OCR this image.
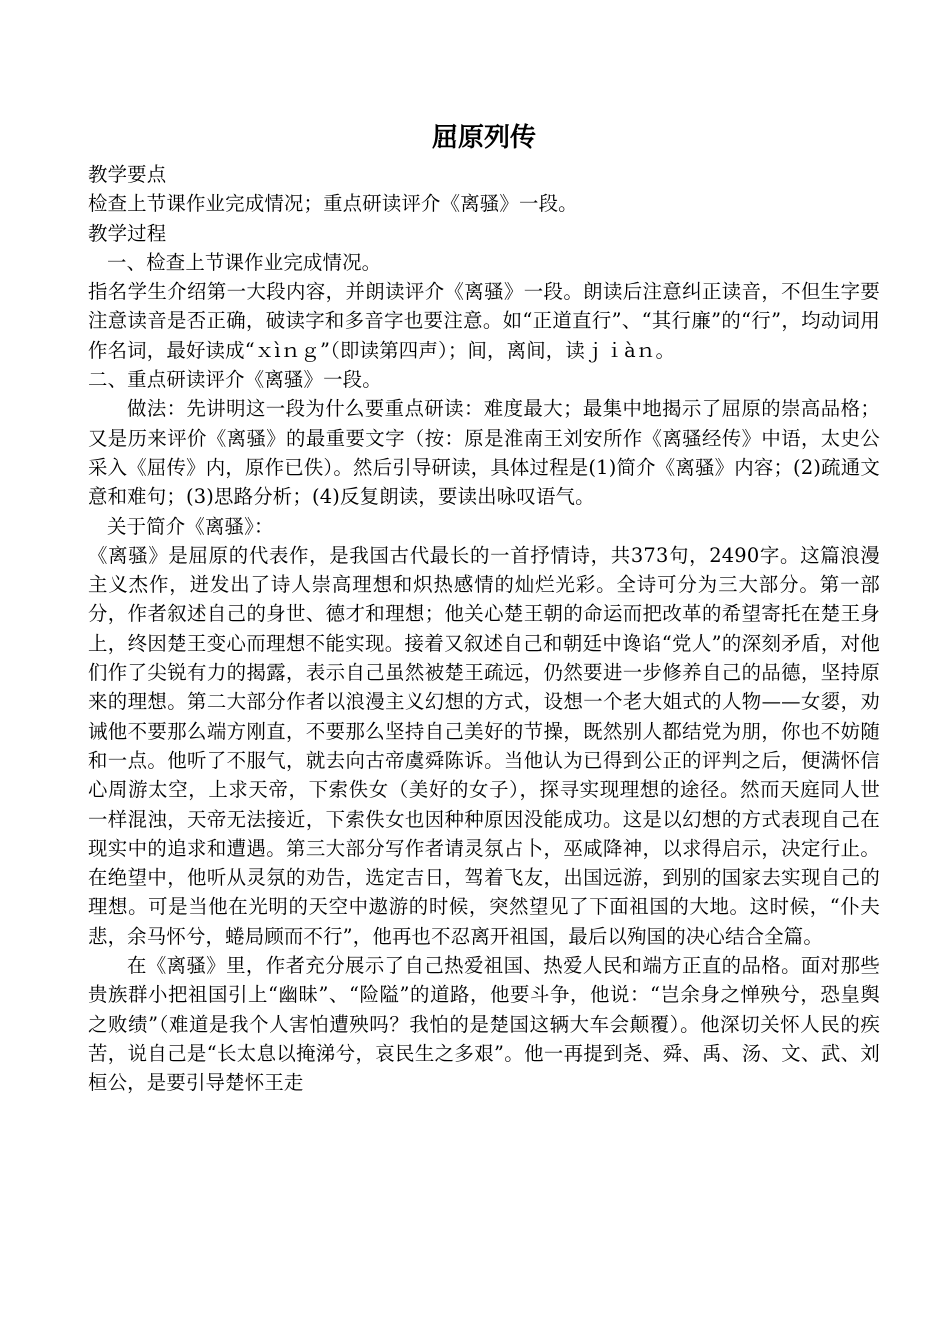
屈原列传

教学要点

检查上节课作业完成情况；重点研读评介《离骚》一段。

教学过程

一、检查上节课作业完成情况。

指名学生介绍第一大段内容，并朗读评介《离骚》一段。朗读后注意纠正读音，不但生字要注意读音是否正确，破读字和多音字也要注意。如“正道直行”、“其行廉”的“行”，均动词用作名词，最好读成“ｘìｎｇ”（即读第四声）；间，离间，读ｊｉàｎ。

二、重点研读评介《离骚》一段。

做法：先讲明这一段为什么要重点研读：难度最大；最集中地揭示了屈原的崇高品格；又是历来评价《离骚》的最重要文字（按：原是淮南王刘安所作《离骚经传》中语，太史公采入《屈传》内，原作已佚）。然后引导研读，具体过程是(1)简介《离骚》内容；(2)疏通文意和难句；(3)思路分析；(4)反复朗读，要读出咏叹语气。

关于简介《离骚》：

《离骚》是屈原的代表作，是我国古代最长的一首抒情诗，共373句，2490字。这篇浪漫主义杰作，迸发出了诗人崇高理想和炽热感情的灿烂光彩。全诗可分为三大部分。第一部分，作者叙述自己的身世、德才和理想；他关心楚王朝的命运而把改革的希望寄托在楚王身上，终因楚王变心而理想不能实现。接着又叙述自己和朝廷中谗谄“党人”的深刻矛盾，对他们作了尖锐有力的揭露，表示自己虽然被楚王疏远，仍然要进一步修养自己的品德，坚持原来的理想。第二大部分作者以浪漫主义幻想的方式，设想一个老大姐式的人物——女媭，劝诫他不要那么端方刚直，不要那么坚持自己美好的节操，既然别人都结党为朋，你也不妨随和一点。他听了不服气，就去向古帝虞舜陈诉。当他认为已得到公正的评判之后，便满怀信心周游太空，上求天帝，下索佚女（美好的女子），探寻实现理想的途径。然而天庭同人世一样混浊，天帝无法接近，下索佚女也因种种原因没能成功。这是以幻想的方式表现自己在现实中的追求和遭遇。第三大部分写作者请灵氛占卜，巫咸降神，以求得启示，决定行止。在绝望中，他听从灵氛的劝告，选定吉日，驾着飞友，出国远游，到别的国家去实现自己的理想。可是当他在光明的天空中遨游的时候，突然望见了下面祖国的大地。这时候，“仆夫悲，余马怀兮，蜷局顾而不行”，他再也不忍离开祖国，最后以殉国的决心结合全篇。

在《离骚》里，作者充分展示了自己热爱祖国、热爱人民和端方正直的品格。面对那些贵族群小把祖国引上“幽昧”、“险隘”的道路，他要斗争，他说：“岂余身之惮殃兮，恐皇舆之败绩”（难道是我个人害怕遭殃吗？我怕的是楚国这辆大车会颠覆）。他深切关怀人民的疾苦，说自己是“长太息以掩涕兮，哀民生之多艰”。他一再提到尧、舜、禹、汤、文、武、刘桓公，是要引导楚怀王走
